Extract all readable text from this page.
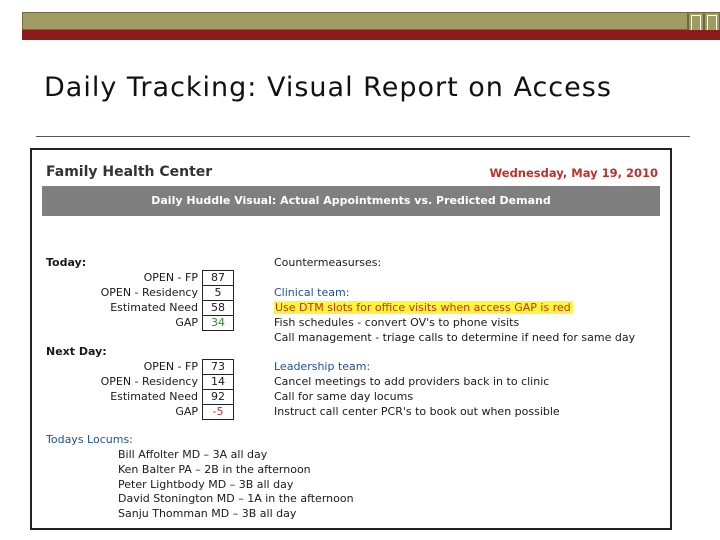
Daily Tracking: Visual Report on Access
Family Health Center	Wednesday, May 19, 2010
Daily Huddle Visual: Actual Appointments vs. Predicted Demand
Today:
OPEN - FP	87
OPEN - Residency	5
Estimated Need	58
GAP	34
Next Day:
OPEN - FP	73
OPEN - Residency	14
Estimated Need	92
GAP	-5
Countermeasurses:
Clinical team:
Use DTM slots for office visits when access GAP is red
Fish schedules - convert OV's to phone visits
Call management - triage calls to determine if need for same day
Leadership team:
Cancel meetings to add providers back in to clinic
Call for same day locums
Instruct call center PCR's to book out when possible
Todays Locums:
Bill Affolter MD – 3A all day
Ken Balter PA – 2B in the afternoon
Peter Lightbody MD – 3B all day
David Stonington MD – 1A in the afternoon
Sanju Thomman MD – 3B all day
